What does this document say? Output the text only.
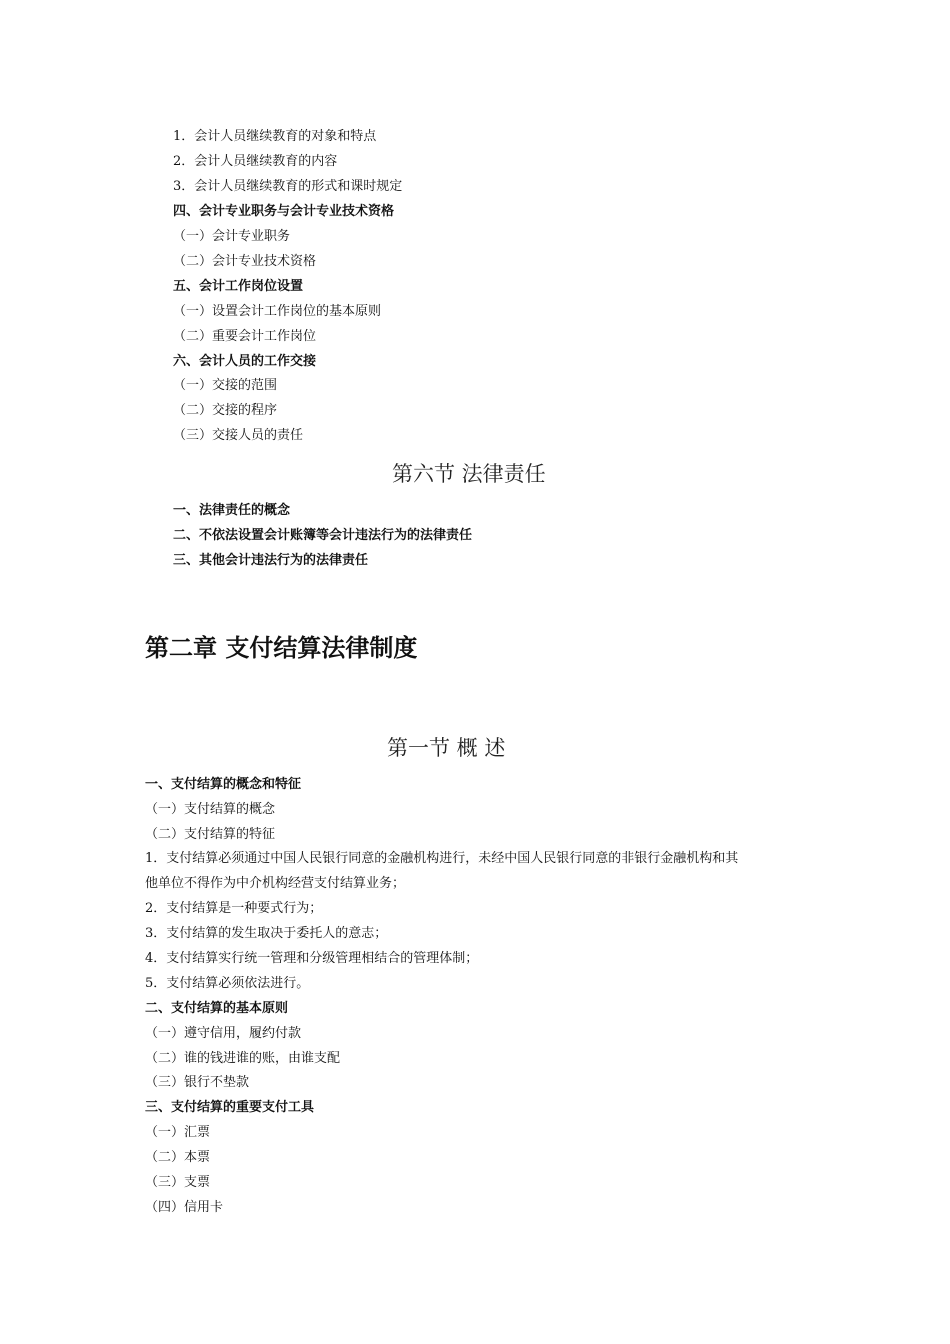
1．会计人员继续教育的对象和特点
2．会计人员继续教育的内容
3．会计人员继续教育的形式和课时规定
四、会计专业职务与会计专业技术资格
（一）会计专业职务
（二）会计专业技术资格
五、会计工作岗位设置
（一）设置会计工作岗位的基本原则
（二）重要会计工作岗位
六、会计人员的工作交接
（一）交接的范围
（二）交接的程序
（三）交接人员的责任
第六节 法律责任
一、法律责任的概念
二、不依法设置会计账簿等会计违法行为的法律责任
三、其他会计违法行为的法律责任
第二章 支付结算法律制度
第一节 概 述
一、支付结算的概念和特征
（一）支付结算的概念
（二）支付结算的特征
1．支付结算必须通过中国人民银行同意的金融机构进行，未经中国人民银行同意的非银行金融机构和其
他单位不得作为中介机构经营支付结算业务；
2．支付结算是一种要式行为；
3．支付结算的发生取决于委托人的意志；
4．支付结算实行统一管理和分级管理相结合的管理体制；
5．支付结算必须依法进行。
二、支付结算的基本原则
（一）遵守信用，履约付款
（二）谁的钱进谁的账，由谁支配
（三）银行不垫款
三、支付结算的重要支付工具
（一）汇票
（二）本票
（三）支票
（四）信用卡
